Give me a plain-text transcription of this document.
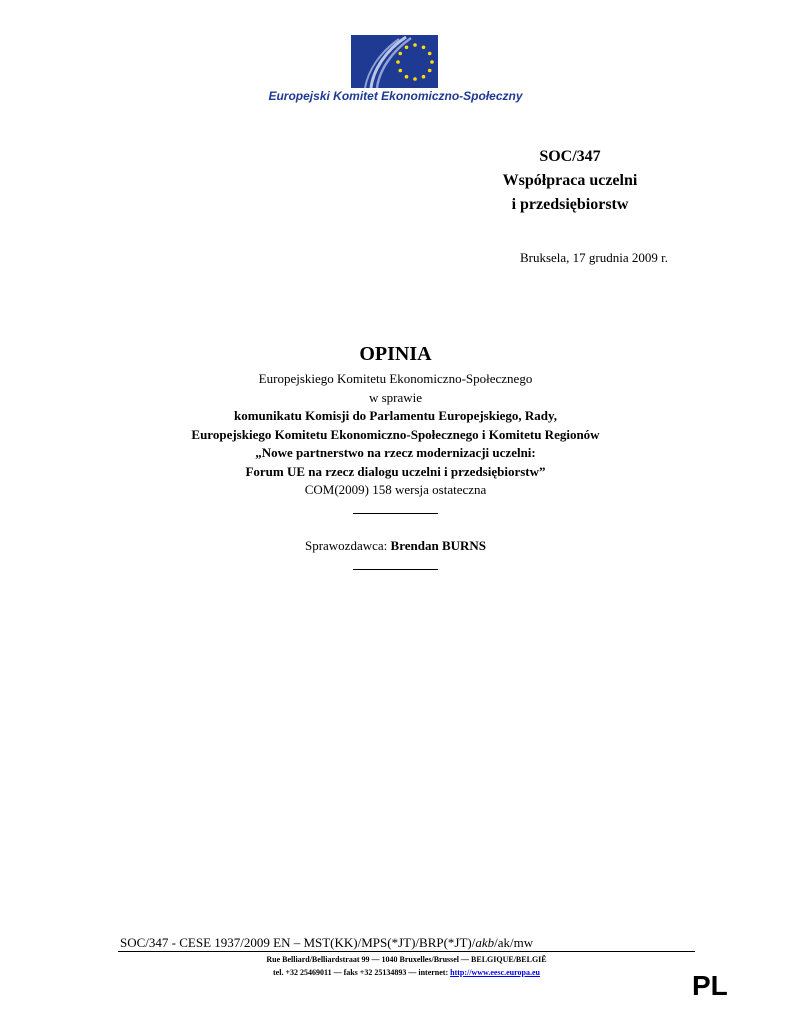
Europejski Komitet Ekonomiczno-Społeczny
SOC/347
Współpraca uczelni
i przedsiębiorstw
Bruksela, 17 grudnia 2009 r.
OPINIA
Europejskiego Komitetu Ekonomiczno-Społecznego
w sprawie
komunikatu Komisji do Parlamentu Europejskiego, Rady,
Europejskiego Komitetu Ekonomiczno-Społecznego i Komitetu Regionów
„Nowe partnerstwo na rzecz modernizacji uczelni:
Forum UE na rzecz dialogu uczelni i przedsiębiorstw”
COM(2009) 158 wersja ostateczna
Sprawozdawca: Brendan BURNS
SOC/347 - CESE 1937/2009 EN – MST(KK)/MPS(*JT)/BRP(*JT)/akb/ak/mw
Rue Belliard/Belliardstraat 99 — 1040 Bruxelles/Brussel — BELGIQUE/BELGIË
tel. +32 25469011 — faks +32 25134893 — internet: http://www.eesc.europa.eu	PL
